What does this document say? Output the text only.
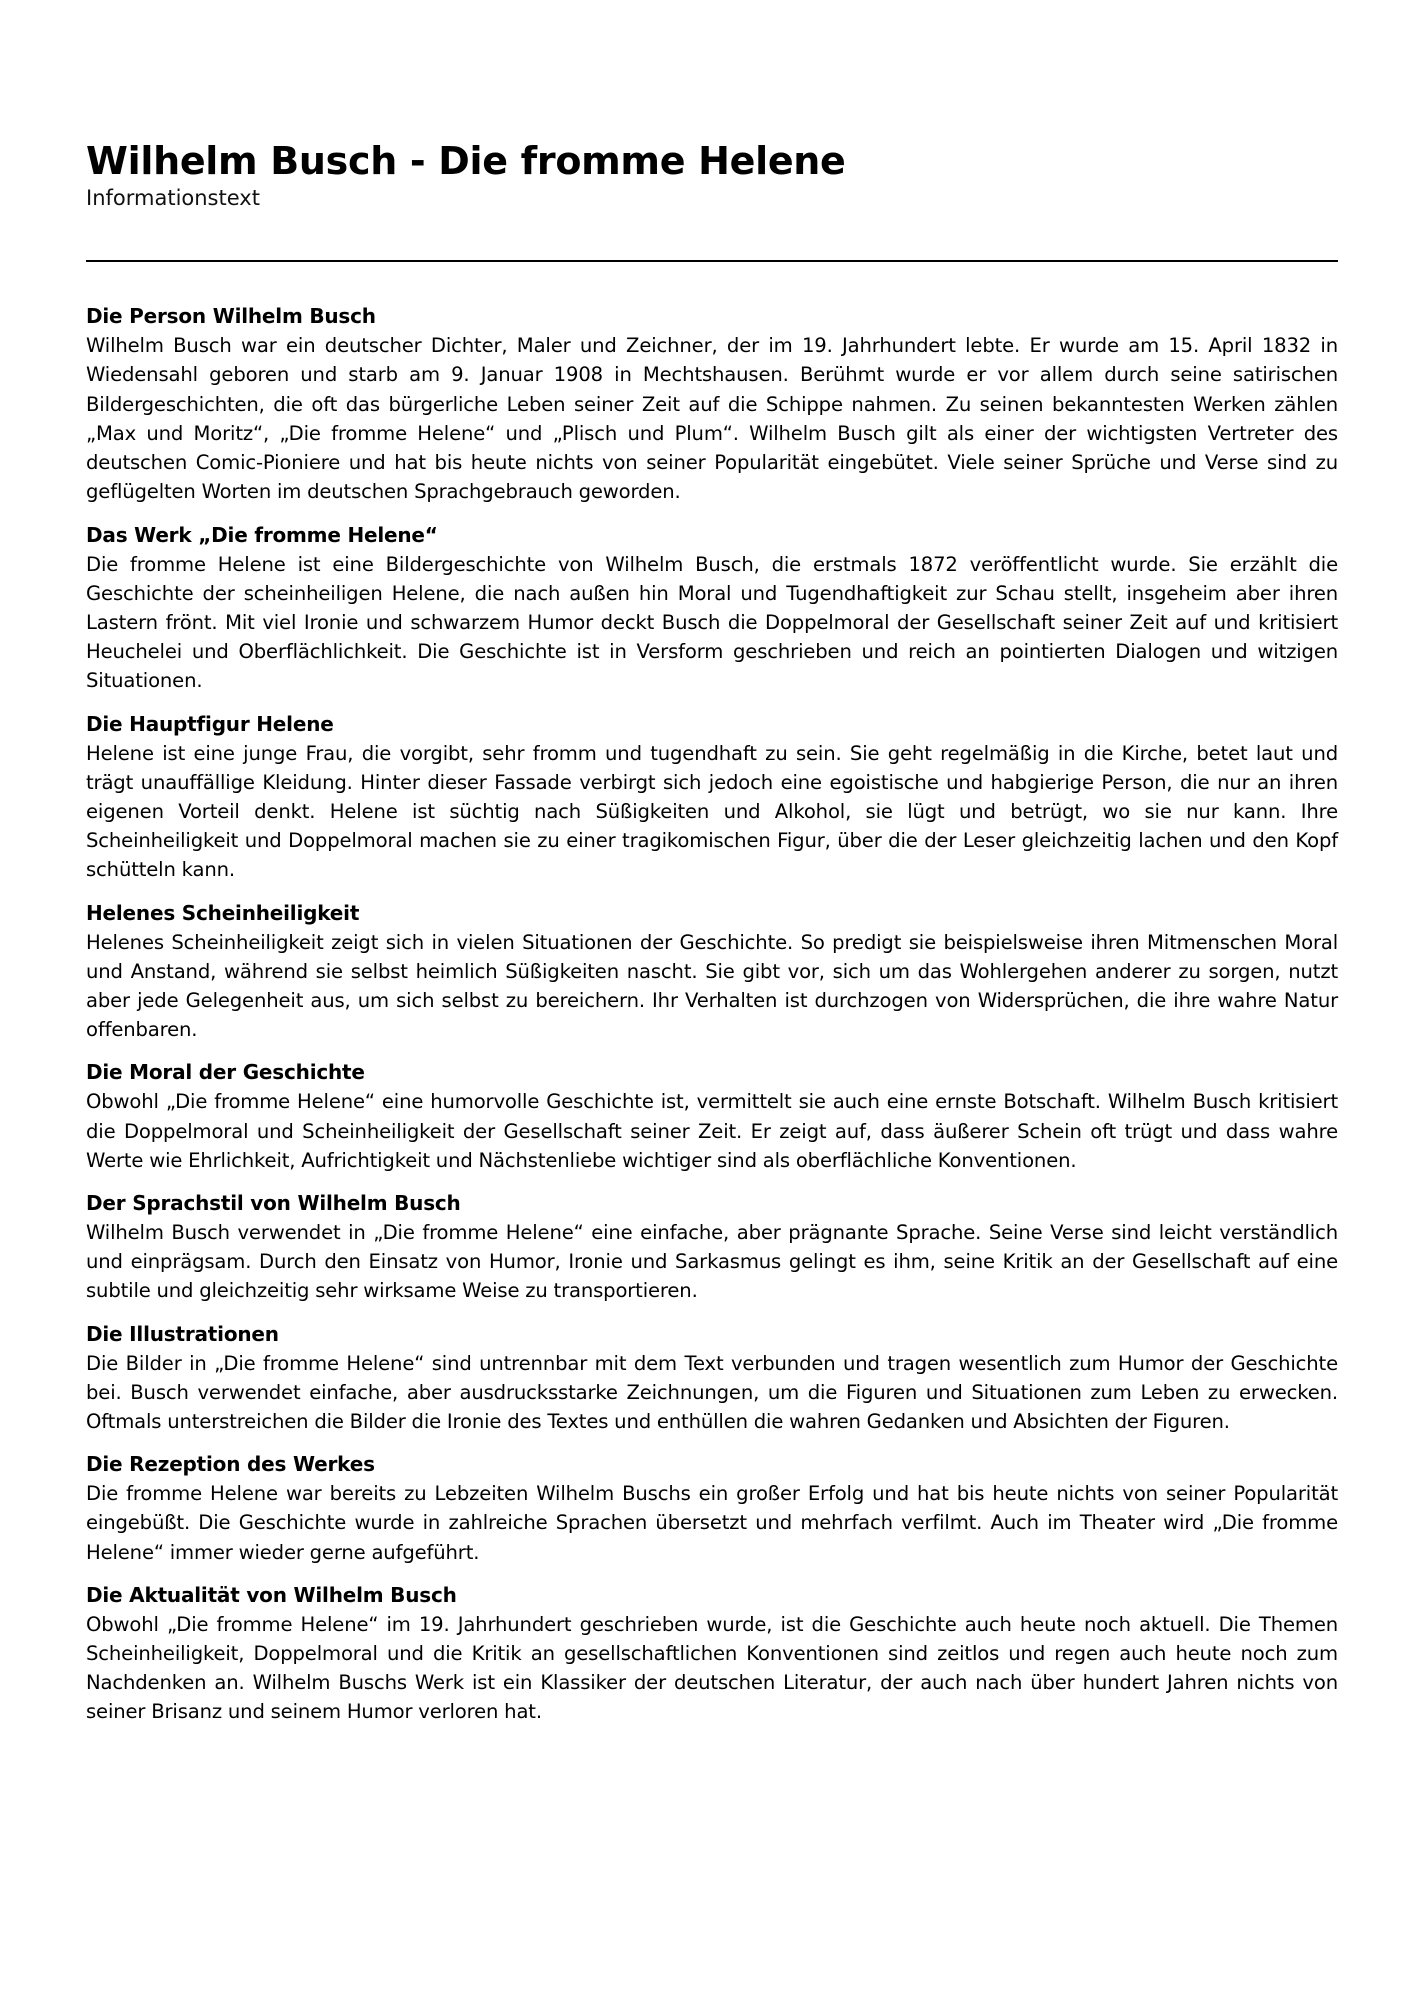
Wilhelm Busch - Die fromme Helene
Informationstext
Die Person Wilhelm Busch

Wilhelm Busch war ein deutscher Dichter, Maler und Zeichner, der im 19. Jahrhundert lebte. Er wurde am 15. April 1832 in Wiedensahl geboren und starb am 9. Januar 1908 in Mechtshausen. Berühmt wurde er vor allem durch seine satirischen Bildergeschichten, die oft das bürgerliche Leben seiner Zeit auf die Schippe nahmen. Zu seinen bekanntesten Werken zählen „Max und Moritz“, „Die fromme Helene“ und „Plisch und Plum“. Wilhelm Busch gilt als einer der wichtigsten Vertreter des deutschen Comic-Pioniere und hat bis heute nichts von seiner Popularität eingebütet. Viele seiner Sprüche und Verse sind zu geflügelten Worten im deutschen Sprachgebrauch geworden.

Das Werk „Die fromme Helene“

Die fromme Helene ist eine Bildergeschichte von Wilhelm Busch, die erstmals 1872 veröffentlicht wurde. Sie erzählt die Geschichte der scheinheiligen Helene, die nach außen hin Moral und Tugendhaftigkeit zur Schau stellt, insgeheim aber ihren Lastern frönt. Mit viel Ironie und schwarzem Humor deckt Busch die Doppelmoral der Gesellschaft seiner Zeit auf und kritisiert Heuchelei und Oberflächlichkeit. Die Geschichte ist in Versform geschrieben und reich an pointierten Dialogen und witzigen Situationen.

Die Hauptfigur Helene

Helene ist eine junge Frau, die vorgibt, sehr fromm und tugendhaft zu sein. Sie geht regelmäßig in die Kirche, betet laut und trägt unauffällige Kleidung. Hinter dieser Fassade verbirgt sich jedoch eine egoistische und habgierige Person, die nur an ihren eigenen Vorteil denkt. Helene ist süchtig nach Süßigkeiten und Alkohol, sie lügt und betrügt, wo sie nur kann. Ihre Scheinheiligkeit und Doppelmoral machen sie zu einer tragikomischen Figur, über die der Leser gleichzeitig lachen und den Kopf schütteln kann.

Helenes Scheinheiligkeit

Helenes Scheinheiligkeit zeigt sich in vielen Situationen der Geschichte. So predigt sie beispielsweise ihren Mitmenschen Moral und Anstand, während sie selbst heimlich Süßigkeiten nascht. Sie gibt vor, sich um das Wohlergehen anderer zu sorgen, nutzt aber jede Gelegenheit aus, um sich selbst zu bereichern. Ihr Verhalten ist durchzogen von Widersprüchen, die ihre wahre Natur offenbaren.

Die Moral der Geschichte

Obwohl „Die fromme Helene“ eine humorvolle Geschichte ist, vermittelt sie auch eine ernste Botschaft. Wilhelm Busch kritisiert die Doppelmoral und Scheinheiligkeit der Gesellschaft seiner Zeit. Er zeigt auf, dass äußerer Schein oft trügt und dass wahre Werte wie Ehrlichkeit, Aufrichtigkeit und Nächstenliebe wichtiger sind als oberflächliche Konventionen.

Der Sprachstil von Wilhelm Busch

Wilhelm Busch verwendet in „Die fromme Helene“ eine einfache, aber prägnante Sprache. Seine Verse sind leicht verständlich und einprägsam. Durch den Einsatz von Humor, Ironie und Sarkasmus gelingt es ihm, seine Kritik an der Gesellschaft auf eine subtile und gleichzeitig sehr wirksame Weise zu transportieren.

Die Illustrationen

Die Bilder in „Die fromme Helene“ sind untrennbar mit dem Text verbunden und tragen wesentlich zum Humor der Geschichte bei. Busch verwendet einfache, aber ausdrucksstarke Zeichnungen, um die Figuren und Situationen zum Leben zu erwecken. Oftmals unterstreichen die Bilder die Ironie des Textes und enthüllen die wahren Gedanken und Absichten der Figuren.

Die Rezeption des Werkes

Die fromme Helene war bereits zu Lebzeiten Wilhelm Buschs ein großer Erfolg und hat bis heute nichts von seiner Popularität eingebüßt. Die Geschichte wurde in zahlreiche Sprachen übersetzt und mehrfach verfilmt. Auch im Theater wird „Die fromme Helene“ immer wieder gerne aufgeführt.

Die Aktualität von Wilhelm Busch

Obwohl „Die fromme Helene“ im 19. Jahrhundert geschrieben wurde, ist die Geschichte auch heute noch aktuell. Die Themen Scheinheiligkeit, Doppelmoral und die Kritik an gesellschaftlichen Konventionen sind zeitlos und regen auch heute noch zum Nachdenken an. Wilhelm Buschs Werk ist ein Klassiker der deutschen Literatur, der auch nach über hundert Jahren nichts von seiner Brisanz und seinem Humor verloren hat.
